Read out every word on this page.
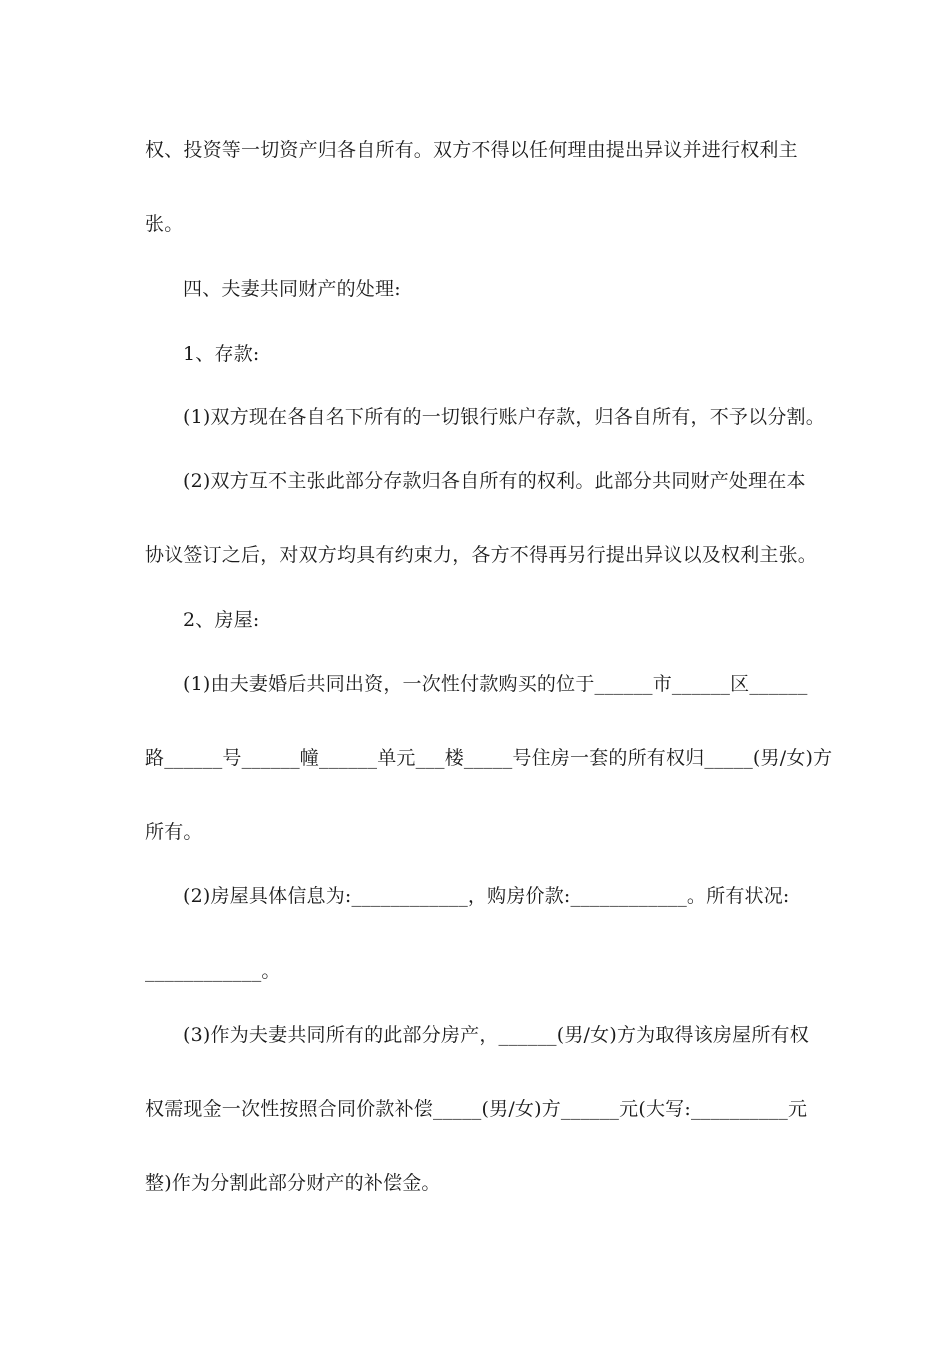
权、投资等一切资产归各自所有。双方不得以任何理由提出异议并进行权利主
张。
四、夫妻共同财产的处理:
1、存款:
(1)双方现在各自名下所有的一切银行账户存款，归各自所有，不予以分割。
(2)双方互不主张此部分存款归各自所有的权利。此部分共同财产处理在本
协议签订之后，对双方均具有约束力，各方不得再另行提出异议以及权利主张。
2、房屋:
(1)由夫妻婚后共同出资，一次性付款购买的位于______市______区______
路______号______幢______单元___楼_____号住房一套的所有权归_____(男/女)方
所有。
(2)房屋具体信息为:____________，购房价款:____________。所有状况:
____________。
(3)作为夫妻共同所有的此部分房产，______(男/女)方为取得该房屋所有权
权需现金一次性按照合同价款补偿_____(男/女)方______元(大写:__________元
整)作为分割此部分财产的补偿金。
